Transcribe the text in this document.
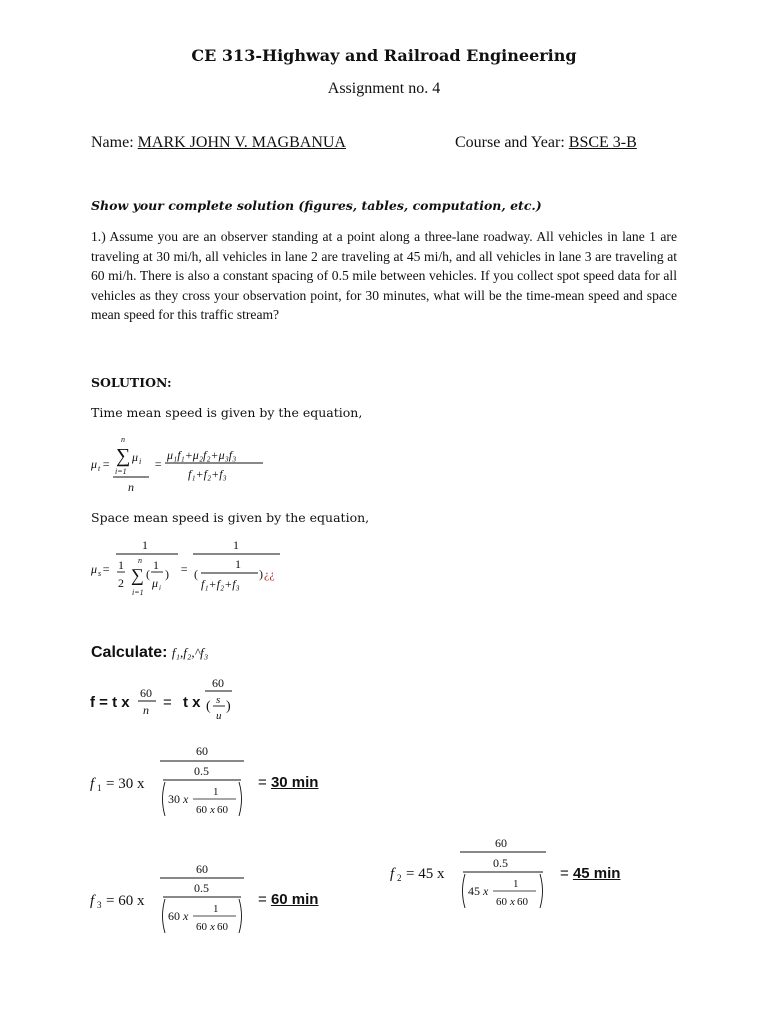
CE 313-Highway and Railroad Engineering
Assignment no. 4
Name: MARK JOHN V. MAGBANUA	Course and Year: BSCE 3-B
Show your complete solution (figures, tables, computation, etc.)
1.) Assume you are an observer standing at a point along a three-lane roadway. All vehicles in lane 1 are traveling at 30 mi/h, all vehicles in lane 2 are traveling at 45 mi/h, and all vehicles in lane 3 are traveling at 60 mi/h. There is also a constant spacing of 0.5 mile between vehicles. If you collect spot speed data for all vehicles as they cross your observation point, for 30 minutes, what will be the time-mean speed and space mean speed for this traffic stream?
SOLUTION:
Time mean speed is given by the equation,
μ t =
n
∑ μ i
i=1
n
=
μ₁f₁+μ₂f₂+μ₃f₃
f₁+f₂+f₃
Space mean speed is given by the equation,
1
μ s = 1
2
n
∑
i=1
(
1
μ i
) =
1
(
1
f₁+f₂+f₃
) ¿¿
Calculate: f₁,f₂,^f₃
f = t x
60
n = t x
60
( s
u
)
f 1 = 30 x
60
0.5
30 x 1
60 x 60
= 30 min
f 2 = 45 x
60
0.5
45 x 1
60 x 60
= 45 min
f 3 = 60 x
60
0.5
60 x 1
60 x 60
= 60 min
